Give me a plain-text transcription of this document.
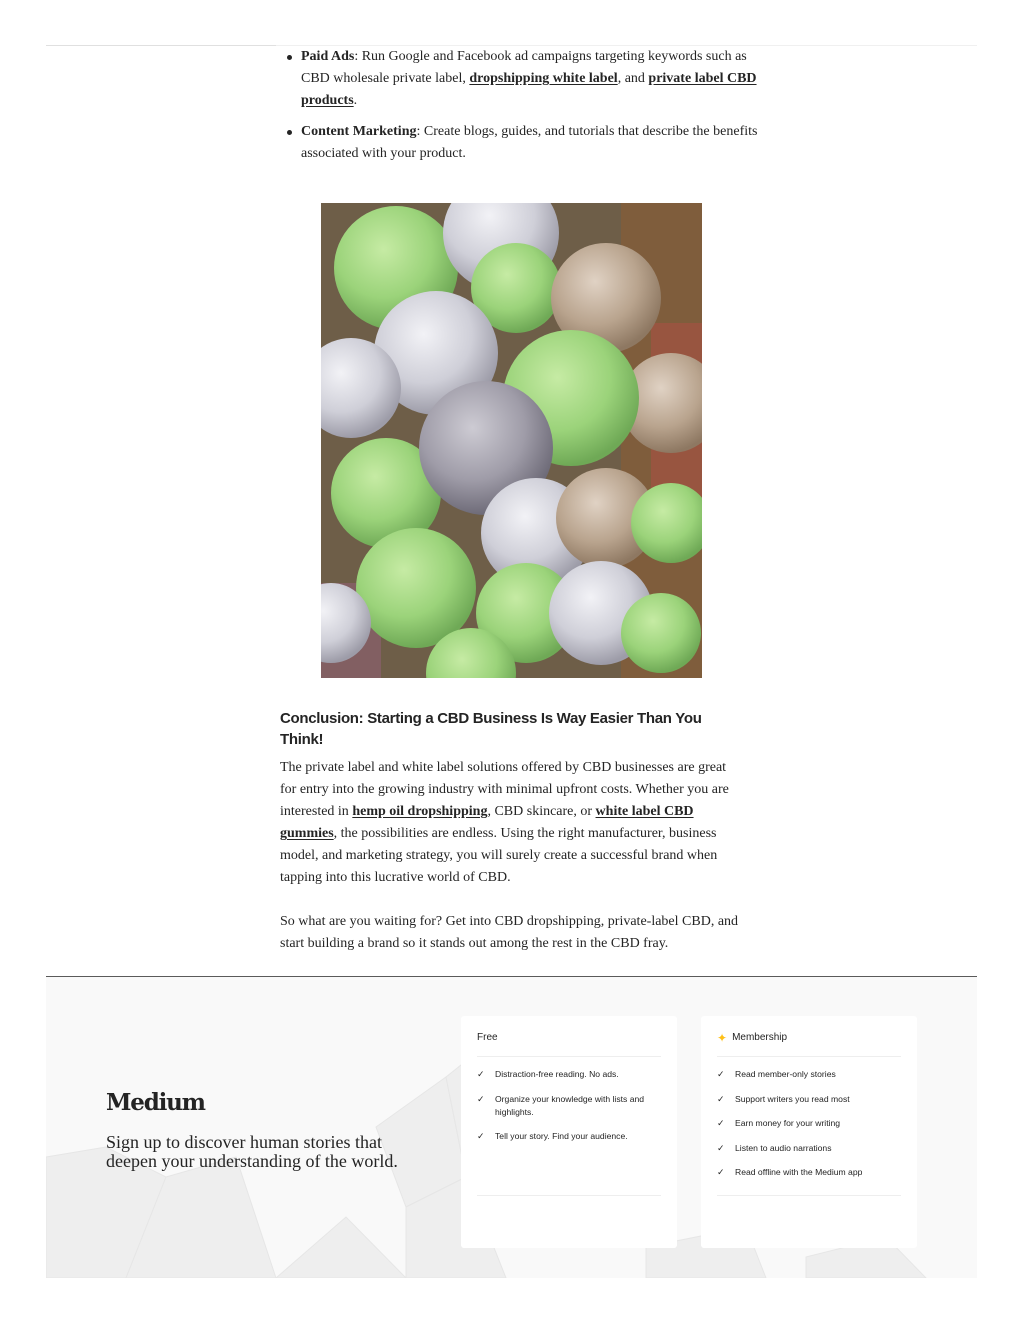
Paid Ads: Run Google and Facebook ad campaigns targeting keywords such as CBD wholesale private label, dropshipping white label, and private label CBD products.
Content Marketing: Create blogs, guides, and tutorials that describe the benefits associated with your product.
Conclusion: Starting a CBD Business Is Way Easier Than You Think!

The private label and white label solutions offered by CBD businesses are great for entry into the growing industry with minimal upfront costs. Whether you are interested in hemp oil dropshipping, CBD skincare, or white label CBD gummies, the possibilities are endless. Using the right manufacturer, business model, and marketing strategy, you will surely create a successful brand when tapping into this lucrative world of CBD.

So what are you waiting for? Get into CBD dropshipping, private-label CBD, and start building a brand so it stands out among the rest in the CBD fray.

Medium
Sign up to discover human stories that deepen your understanding of the world.
Free
✓	Distraction-free reading. No ads.
✓	Organize your knowledge with lists and highlights.
✓	Tell your story. Find your audience.
✦ Membership
✓	Read member-only stories
✓	Support writers you read most
✓	Earn money for your writing
✓	Listen to audio narrations
✓	Read offline with the Medium app
